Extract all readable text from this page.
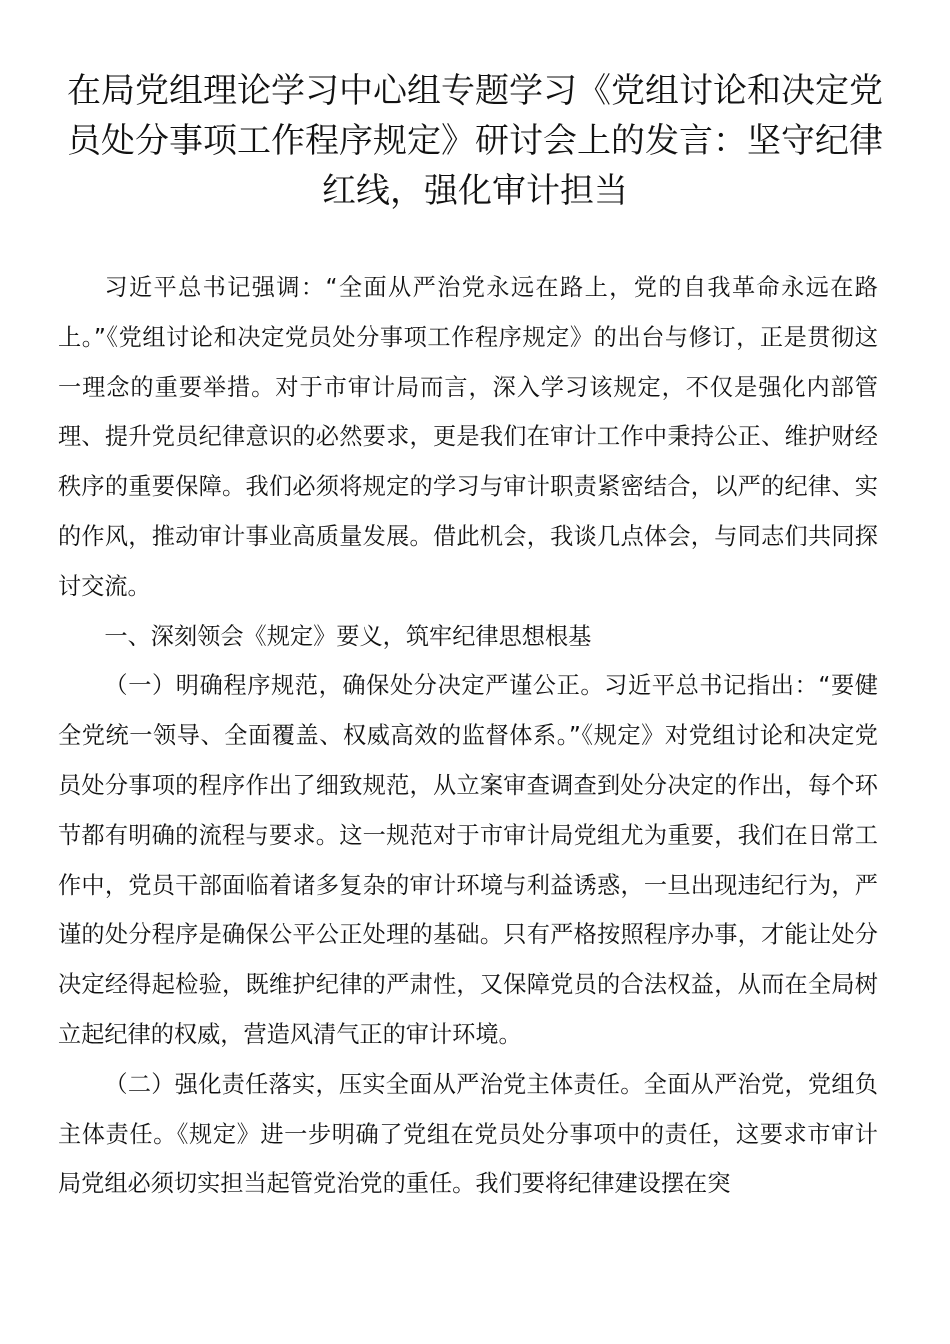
在局党组理论学习中心组专题学习《党组讨论和决定党员处分事项工作程序规定》研讨会上的发言：坚守纪律红线，强化审计担当

习近平总书记强调：“全面从严治党永远在路上，党的自我革命永远在路上。”《党组讨论和决定党员处分事项工作程序规定》的出台与修订，正是贯彻这一理念的重要举措。对于市审计局而言，深入学习该规定，不仅是强化内部管理、提升党员纪律意识的必然要求，更是我们在审计工作中秉持公正、维护财经秩序的重要保障。我们必须将规定的学习与审计职责紧密结合，以严的纪律、实的作风，推动审计事业高质量发展。借此机会，我谈几点体会，与同志们共同探讨交流。

一、深刻领会《规定》要义，筑牢纪律思想根基

（一）明确程序规范，确保处分决定严谨公正。习近平总书记指出：“要健全党统一领导、全面覆盖、权威高效的监督体系。”《规定》对党组讨论和决定党员处分事项的程序作出了细致规范，从立案审查调查到处分决定的作出，每个环节都有明确的流程与要求。这一规范对于市审计局党组尤为重要，我们在日常工作中，党员干部面临着诸多复杂的审计环境与利益诱惑，一旦出现违纪行为，严谨的处分程序是确保公平公正处理的基础。只有严格按照程序办事，才能让处分决定经得起检验，既维护纪律的严肃性，又保障党员的合法权益，从而在全局树立起纪律的权威，营造风清气正的审计环境。

（二）强化责任落实，压实全面从严治党主体责任。全面从严治党，党组负主体责任。《规定》进一步明确了党组在党员处分事项中的责任，这要求市审计局党组必须切实担当起管党治党的重任。我们要将纪律建设摆在突
